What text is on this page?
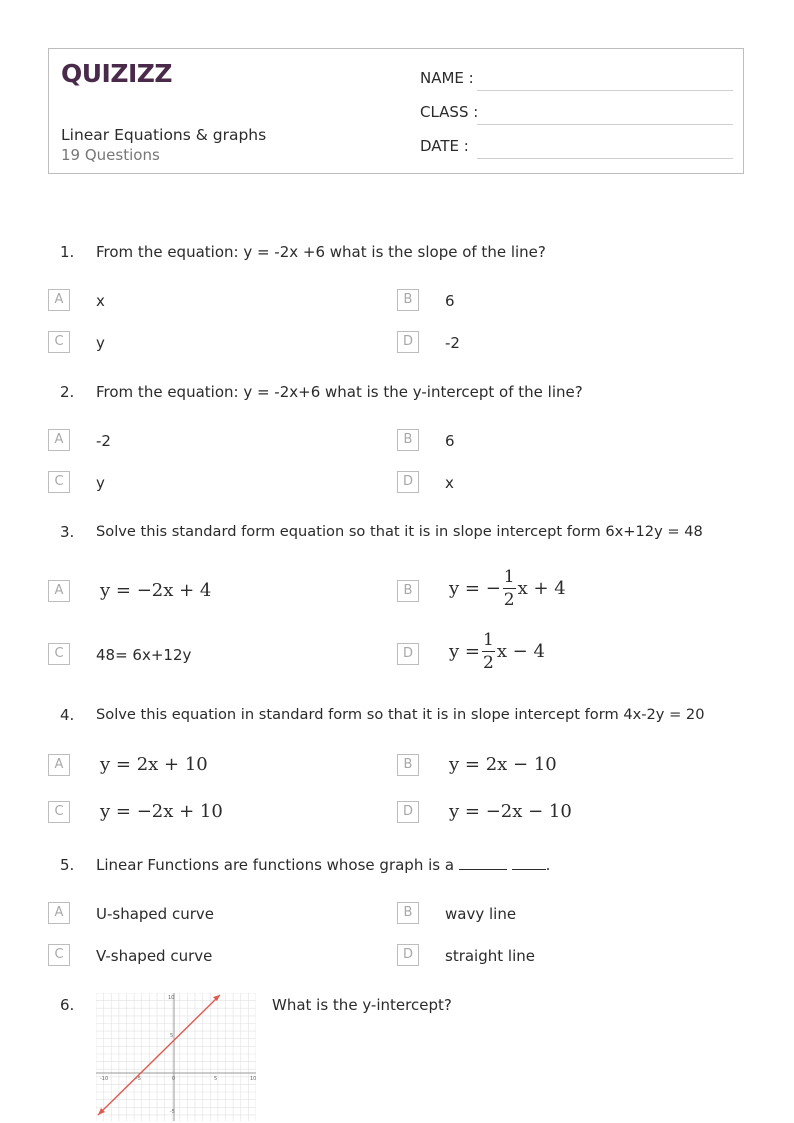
QUIZIZZ
Linear Equations & graphs
19 Questions
NAME :
CLASS :
DATE :
1. From the equation: y = -2x +6 what is the slope of the line?
A	x	B	6
C	y	D	-2
2. From the equation: y = -2x+6 what is the y-intercept of the line?
A	-2	B	6
C	y	D	x
3. Solve this standard form equation so that it is in slope intercept form 6x+12y = 48
A	y = −2x + 4	B	y = − $\frac{1}{2}$ x + 4
C	48= 6x+12y	D	$y = \frac{1}{2}$ x − 4
4. Solve this equation in standard form so that it is in slope intercept form 4x-2y = 20
A	y = 2x + 10	B	y = 2x − 10
C	y = −2x + 10	D	y = −2x − 10
5. Linear Functions are functions whose graph is a	.
A	U-shaped curve	B	wavy line
C	V-shaped curve	D	straight line
6.	What is the y-intercept?
-10	-5	0	5	10
10
5
-5
